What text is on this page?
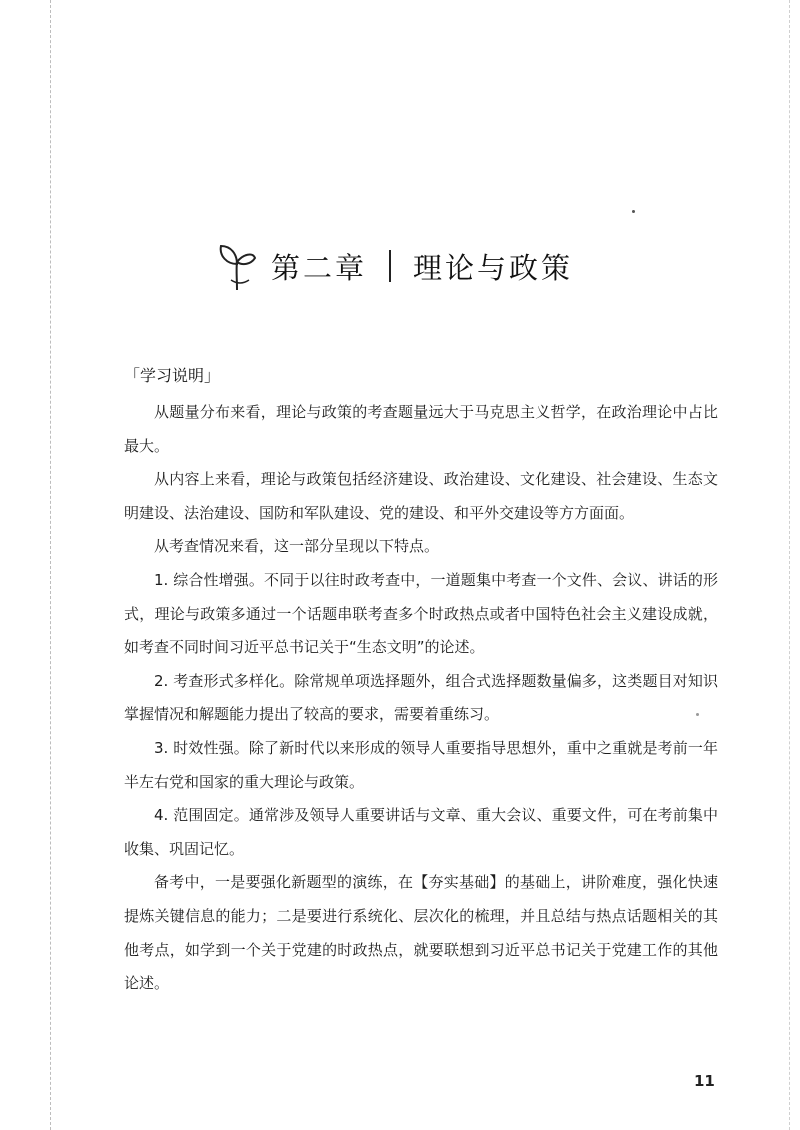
第二章 理论与政策
「学习说明」

从题量分布来看，理论与政策的考查题量远大于马克思主义哲学，在政治理论中占比最大。

从内容上来看，理论与政策包括经济建设、政治建设、文化建设、社会建设、生态文明建设、法治建设、国防和军队建设、党的建设、和平外交建设等方方面面。

从考查情况来看，这一部分呈现以下特点。

1. 综合性增强。不同于以往时政考查中，一道题集中考查一个文件、会议、讲话的形式，理论与政策多通过一个话题串联考查多个时政热点或者中国特色社会主义建设成就，如考查不同时间习近平总书记关于“生态文明”的论述。

2. 考查形式多样化。除常规单项选择题外，组合式选择题数量偏多，这类题目对知识掌握情况和解题能力提出了较高的要求，需要着重练习。

3. 时效性强。除了新时代以来形成的领导人重要指导思想外，重中之重就是考前一年半左右党和国家的重大理论与政策。

4. 范围固定。通常涉及领导人重要讲话与文章、重大会议、重要文件，可在考前集中收集、巩固记忆。

备考中，一是要强化新题型的演练，在【夯实基础】的基础上，讲阶难度，强化快速提炼关键信息的能力；二是要进行系统化、层次化的梳理，并且总结与热点话题相关的其他考点，如学到一个关于党建的时政热点，就要联想到习近平总书记关于党建工作的其他论述。

11
